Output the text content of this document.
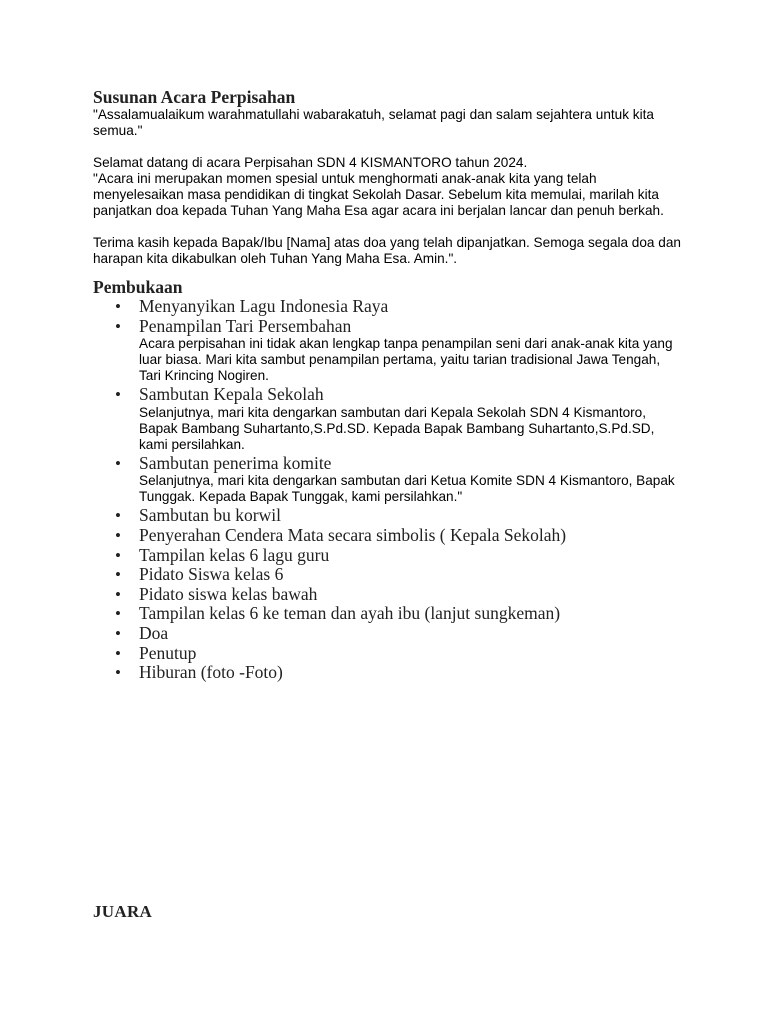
Susunan Acara Perpisahan

"Assalamualaikum warahmatullahi wabarakatuh, selamat pagi dan salam sejahtera untuk kita semua."

Selamat datang di acara Perpisahan SDN 4 KISMANTORO tahun 2024.
"Acara ini merupakan momen spesial untuk menghormati anak-anak kita yang telah menyelesaikan masa pendidikan di tingkat Sekolah Dasar. Sebelum kita memulai, marilah kita panjatkan doa kepada Tuhan Yang Maha Esa agar acara ini berjalan lancar dan penuh berkah.

Terima kasih kepada Bapak/Ibu [Nama] atas doa yang telah dipanjatkan. Semoga segala doa dan harapan kita dikabulkan oleh Tuhan Yang Maha Esa. Amin.".

Pembukaan
• Menyanyikan Lagu Indonesia Raya
• Penampilan Tari Persembahan
Acara perpisahan ini tidak akan lengkap tanpa penampilan seni dari anak-anak kita yang luar biasa. Mari kita sambut penampilan pertama, yaitu tarian tradisional Jawa Tengah, Tari Krincing Nogiren.
• Sambutan Kepala Sekolah
Selanjutnya, mari kita dengarkan sambutan dari Kepala Sekolah SDN 4 Kismantoro, Bapak Bambang Suhartanto,S.Pd.SD. Kepada Bapak Bambang Suhartanto,S.Pd.SD, kami persilahkan.
• Sambutan penerima komite
Selanjutnya, mari kita dengarkan sambutan dari Ketua Komite SDN 4 Kismantoro, Bapak Tunggak. Kepada Bapak Tunggak, kami persilahkan."
• Sambutan bu korwil
• Penyerahan Cendera Mata secara simbolis ( Kepala Sekolah)
• Tampilan kelas 6 lagu guru
• Pidato Siswa kelas 6
• Pidato siswa kelas bawah
• Tampilan kelas 6 ke teman dan ayah ibu (lanjut sungkeman)
• Doa
• Penutup
• Hiburan (foto -Foto)
JUARA
